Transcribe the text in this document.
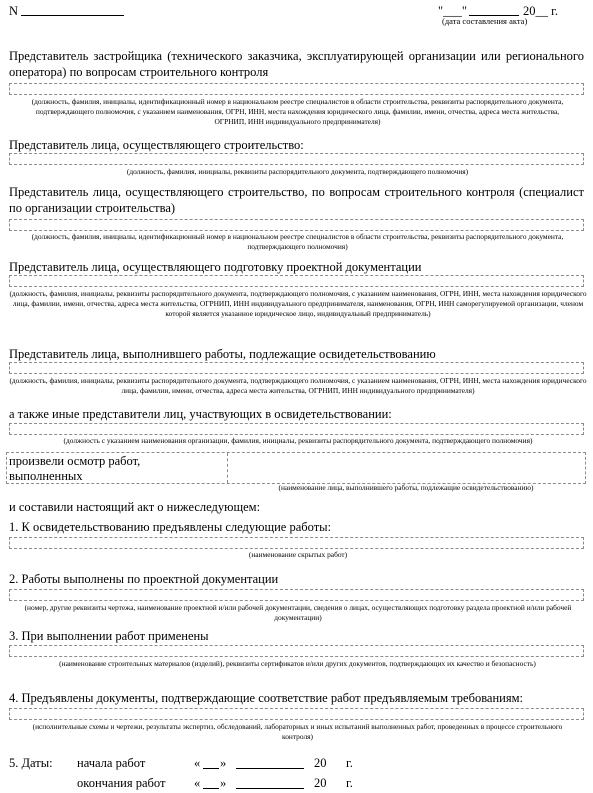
N	"___"	20__ г.
(дата составления акта)
Представитель застройщика (технического заказчика, эксплуатирующей организации или регионального оператора) по вопросам строительного контроля
(должность, фамилия, инициалы, идентификационный номер в национальном реестре специалистов в области строительства, реквизиты распорядительного документа, подтверждающего полномочия, с указанием наименования, ОГРН, ИНН, места нахождения юридического лица, фамилии, имени, отчества, адреса места жительства, ОГРНИП, ИНН индивидуального предпринимателя)
Представитель лица, осуществляющего строительство:
(должность, фамилия, инициалы, реквизиты распорядительного документа, подтверждающего полномочия)
Представитель лица, осуществляющего строительство, по вопросам строительного контроля (специалист по организации строительства)
(должность, фамилия, инициалы, идентификационный номер в национальном реестре специалистов в области строительства, реквизиты распорядительного документа, подтверждающего полномочия)
Представитель лица, осуществляющего подготовку проектной документации
(должность, фамилия, инициалы, реквизиты распорядительного документа, подтверждающего полномочия, с указанием наименования, ОГРН, ИНН, места нахождения юридического лица, фамилии, имени, отчества, адреса места жительства, ОГРНИП, ИНН индивидуального предпринимателя, наименования, ОГРН, ИНН саморегулируемой организации, членом которой является указанное юридическое лицо, индивидуальный предприниматель)
Представитель лица, выполнившего работы, подлежащие освидетельствованию
(должность, фамилия, инициалы, реквизиты распорядительного документа, подтверждающего полномочия, с указанием наименования, ОГРН, ИНН, места нахождения юридического лица, фамилии, имени, отчества, адреса места жительства, ОГРНИП, ИНН индивидуального предпринимателя)
а также иные представители лиц, участвующих в освидетельствовании:
(должность с указанием наименования организации, фамилия, инициалы, реквизиты распорядительного документа, подтверждающего полномочия)
произвели осмотр работ,
выполненных
(наименование лица, выполнившего работы, подлежащие освидетельствованию)
и составили настоящий акт о нижеследующем:
1. К освидетельствованию предъявлены следующие работы:
(наименование скрытых работ)
2. Работы выполнены по проектной документации
(номер, другие реквизиты чертежа, наименование проектной и/или рабочей документации, сведения о лицах, осуществляющих подготовку раздела проектной и/или рабочей документации)
3. При выполнении работ применены
(наименование строительных материалов (изделий), реквизиты сертификатов и/или других документов, подтверждающих их качество и безопасность)
4. Предъявлены документы, подтверждающие соответствие работ предъявляемым требованиям:
(исполнительные схемы и чертежи, результаты экспертиз, обследований, лабораторных и иных испытаний выполненных работ, проведенных в процессе строительного контроля)
5. Даты: начала работ	« »	20 г.
окончания работ « »	20 г.
